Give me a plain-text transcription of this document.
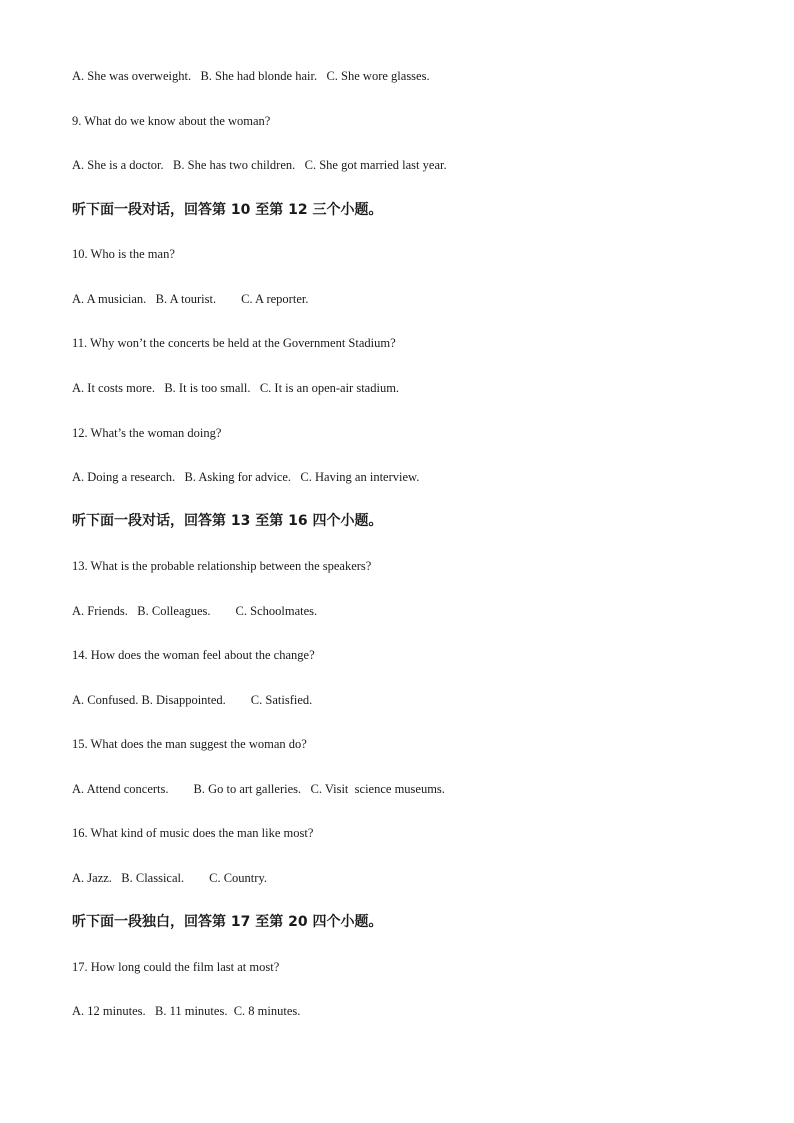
A. She was overweight.   B. She had blonde hair.   C. She wore glasses.
9. What do we know about the woman?
A. She is a doctor.   B. She has two children.   C. She got married last year.
听下面一段对话，回答第 10 至第 12 三个小题。
10. Who is the man?
A. A musician.   B. A tourist.        C. A reporter.
11. Why won’t the concerts be held at the Government Stadium?
A. It costs more.   B. It is too small.   C. It is an open-air stadium.
12. What’s the woman doing?
A. Doing a research.   B. Asking for advice.   C. Having an interview.
听下面一段对话，回答第 13 至第 16 四个小题。
13. What is the probable relationship between the speakers?
A. Friends.   B. Colleagues.        C. Schoolmates.
14. How does the woman feel about the change?
A. Confused. B. Disappointed.        C. Satisfied.
15. What does the man suggest the woman do?
A. Attend concerts.        B. Go to art galleries.   C. Visit  science museums.
16. What kind of music does the man like most?
A. Jazz.   B. Classical.        C. Country.
听下面一段独白，回答第 17 至第 20 四个小题。
17. How long could the film last at most?
A. 12 minutes.   B. 11 minutes.  C. 8 minutes.
